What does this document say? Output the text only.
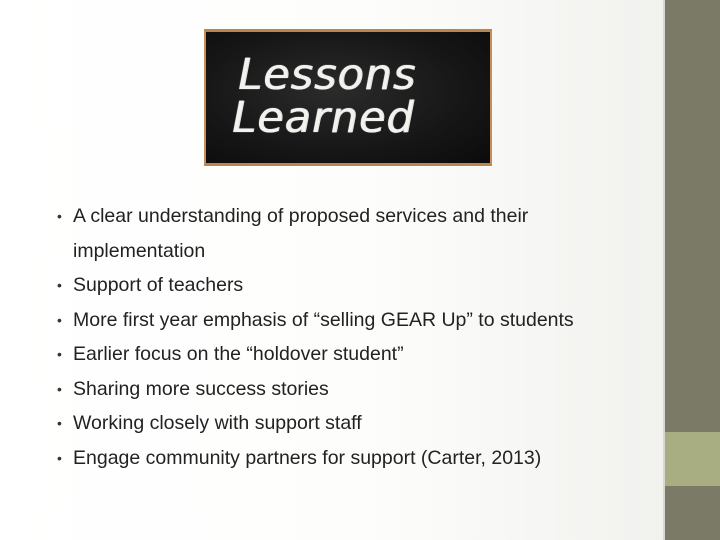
Lessons
Learned
• A clear understanding of proposed services and their
implementation
• Support of teachers
• More first year emphasis of “selling GEAR Up” to students
• Earlier focus on the “holdover student”
• Sharing more success stories
• Working closely with support staff
• Engage community partners for support (Carter, 2013)
